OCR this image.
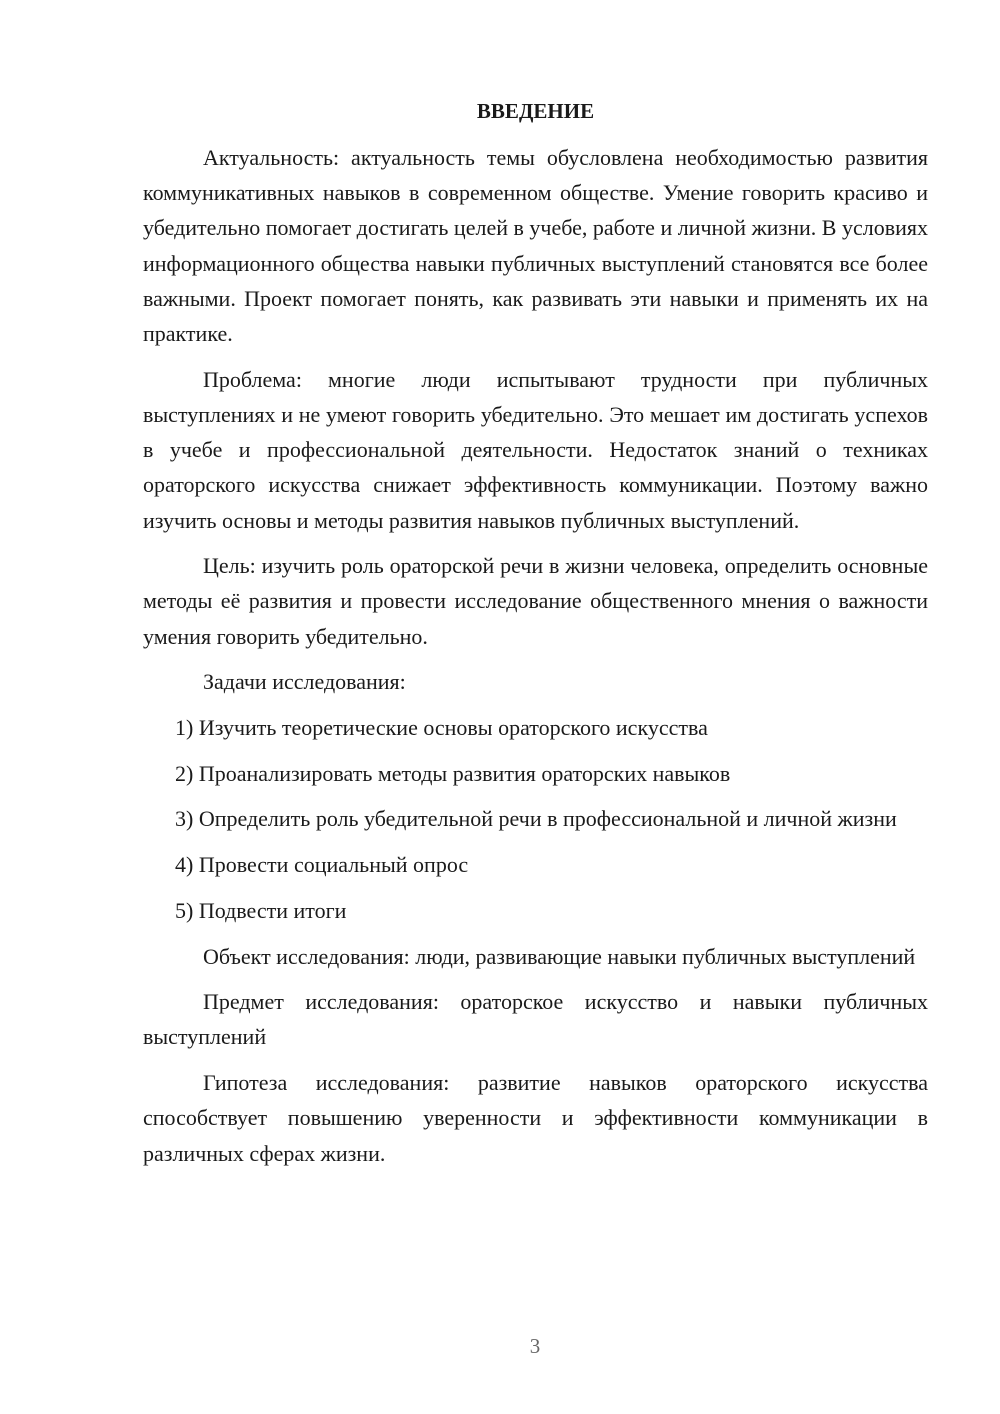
ВВЕДЕНИЕ

Актуальность: актуальность темы обусловлена необходимостью развития коммуникативных навыков в современном обществе. Умение говорить красиво и убедительно помогает достигать целей в учебе, работе и личной жизни. В условиях информационного общества навыки публичных выступлений становятся все более важными. Проект помогает понять, как развивать эти навыки и применять их на практике.

Проблема: многие люди испытывают трудности при публичных выступлениях и не умеют говорить убедительно. Это мешает им достигать успехов в учебе и профессиональной деятельности. Недостаток знаний о техниках ораторского искусства снижает эффективность коммуникации. Поэтому важно изучить основы и методы развития навыков публичных выступлений.

Цель: изучить роль ораторской речи в жизни человека, определить основные методы её развития и провести исследование общественного мнения о важности умения говорить убедительно.

Задачи исследования:

1) Изучить теоретические основы ораторского искусства

2) Проанализировать методы развития ораторских навыков

3) Определить роль убедительной речи в профессиональной и личной жизни

4) Провести социальный опрос

5) Подвести итоги

Объект исследования: люди, развивающие навыки публичных выступлений

Предмет исследования: ораторское искусство и навыки публичных выступлений

Гипотеза исследования: развитие навыков ораторского искусства способствует повышению уверенности и эффективности коммуникации в различных сферах жизни.

3
